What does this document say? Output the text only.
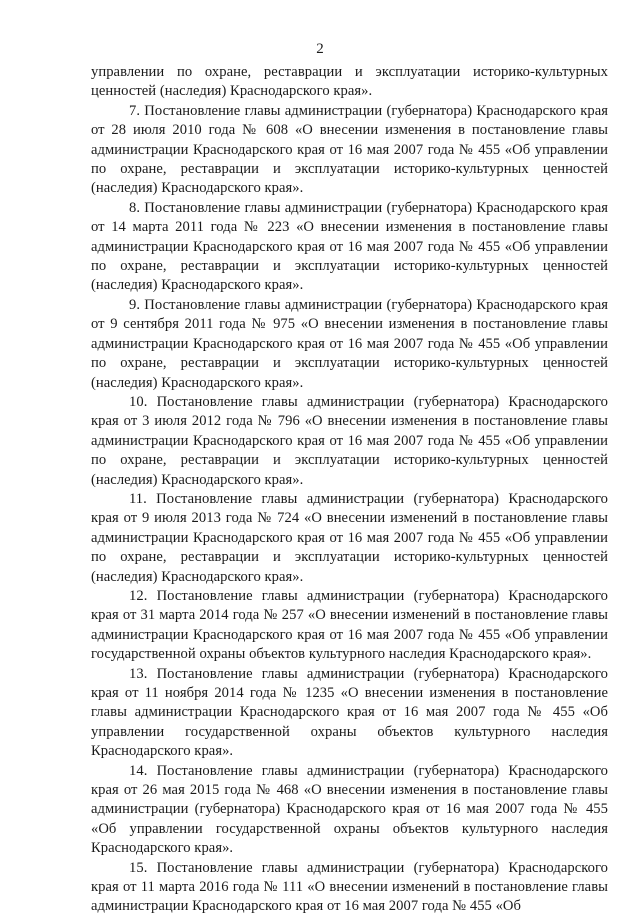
2

управлении по охране, реставрации и эксплуатации историко-культурных ценностей (наследия) Краснодарского края».

7. Постановление главы администрации (губернатора) Краснодарского края от 28 июля 2010 года № 608 «О внесении изменения в постановление главы администрации Краснодарского края от 16 мая 2007 года № 455 «Об управлении по охране, реставрации и эксплуатации историко-культурных ценностей (наследия) Краснодарского края».

8. Постановление главы администрации (губернатора) Краснодарского края от 14 марта 2011 года № 223 «О внесении изменения в постановление главы администрации Краснодарского края от 16 мая 2007 года № 455 «Об управлении по охране, реставрации и эксплуатации историко-культурных ценностей (наследия) Краснодарского края».

9. Постановление главы администрации (губернатора) Краснодарского края от 9 сентября 2011 года № 975 «О внесении изменения в постановление главы администрации Краснодарского края от 16 мая 2007 года № 455 «Об управлении по охране, реставрации и эксплуатации историко-культурных ценностей (наследия) Краснодарского края».

10. Постановление главы администрации (губернатора) Краснодарского края от 3 июля 2012 года № 796 «О внесении изменения в постановление главы администрации Краснодарского края от 16 мая 2007 года № 455 «Об управлении по охране, реставрации и эксплуатации историко-культурных ценностей (наследия) Краснодарского края».

11. Постановление главы администрации (губернатора) Краснодарского края от 9 июля 2013 года № 724 «О внесении изменений в постановление главы администрации Краснодарского края от 16 мая 2007 года № 455 «Об управлении по охране, реставрации и эксплуатации историко-культурных ценностей (наследия) Краснодарского края».

12. Постановление главы администрации (губернатора) Краснодарского края от 31 марта 2014 года № 257 «О внесении изменений в постановление главы администрации Краснодарского края от 16 мая 2007 года № 455 «Об управлении государственной охраны объектов культурного наследия Краснодарского края».

13. Постановление главы администрации (губернатора) Краснодарского края от 11 ноября 2014 года № 1235 «О внесении изменения в постановление главы администрации Краснодарского края от 16 мая 2007 года № 455 «Об управлении государственной охраны объектов культурного наследия Краснодарского края».

14. Постановление главы администрации (губернатора) Краснодарского края от 26 мая 2015 года № 468 «О внесении изменения в постановление главы администрации (губернатора) Краснодарского края от 16 мая 2007 года № 455 «Об управлении государственной охраны объектов культурного наследия Краснодарского края».

15. Постановление главы администрации (губернатора) Краснодарского края от 11 марта 2016 года № 111 «О внесении изменений в постановление главы администрации Краснодарского края от 16 мая 2007 года № 455 «Об
